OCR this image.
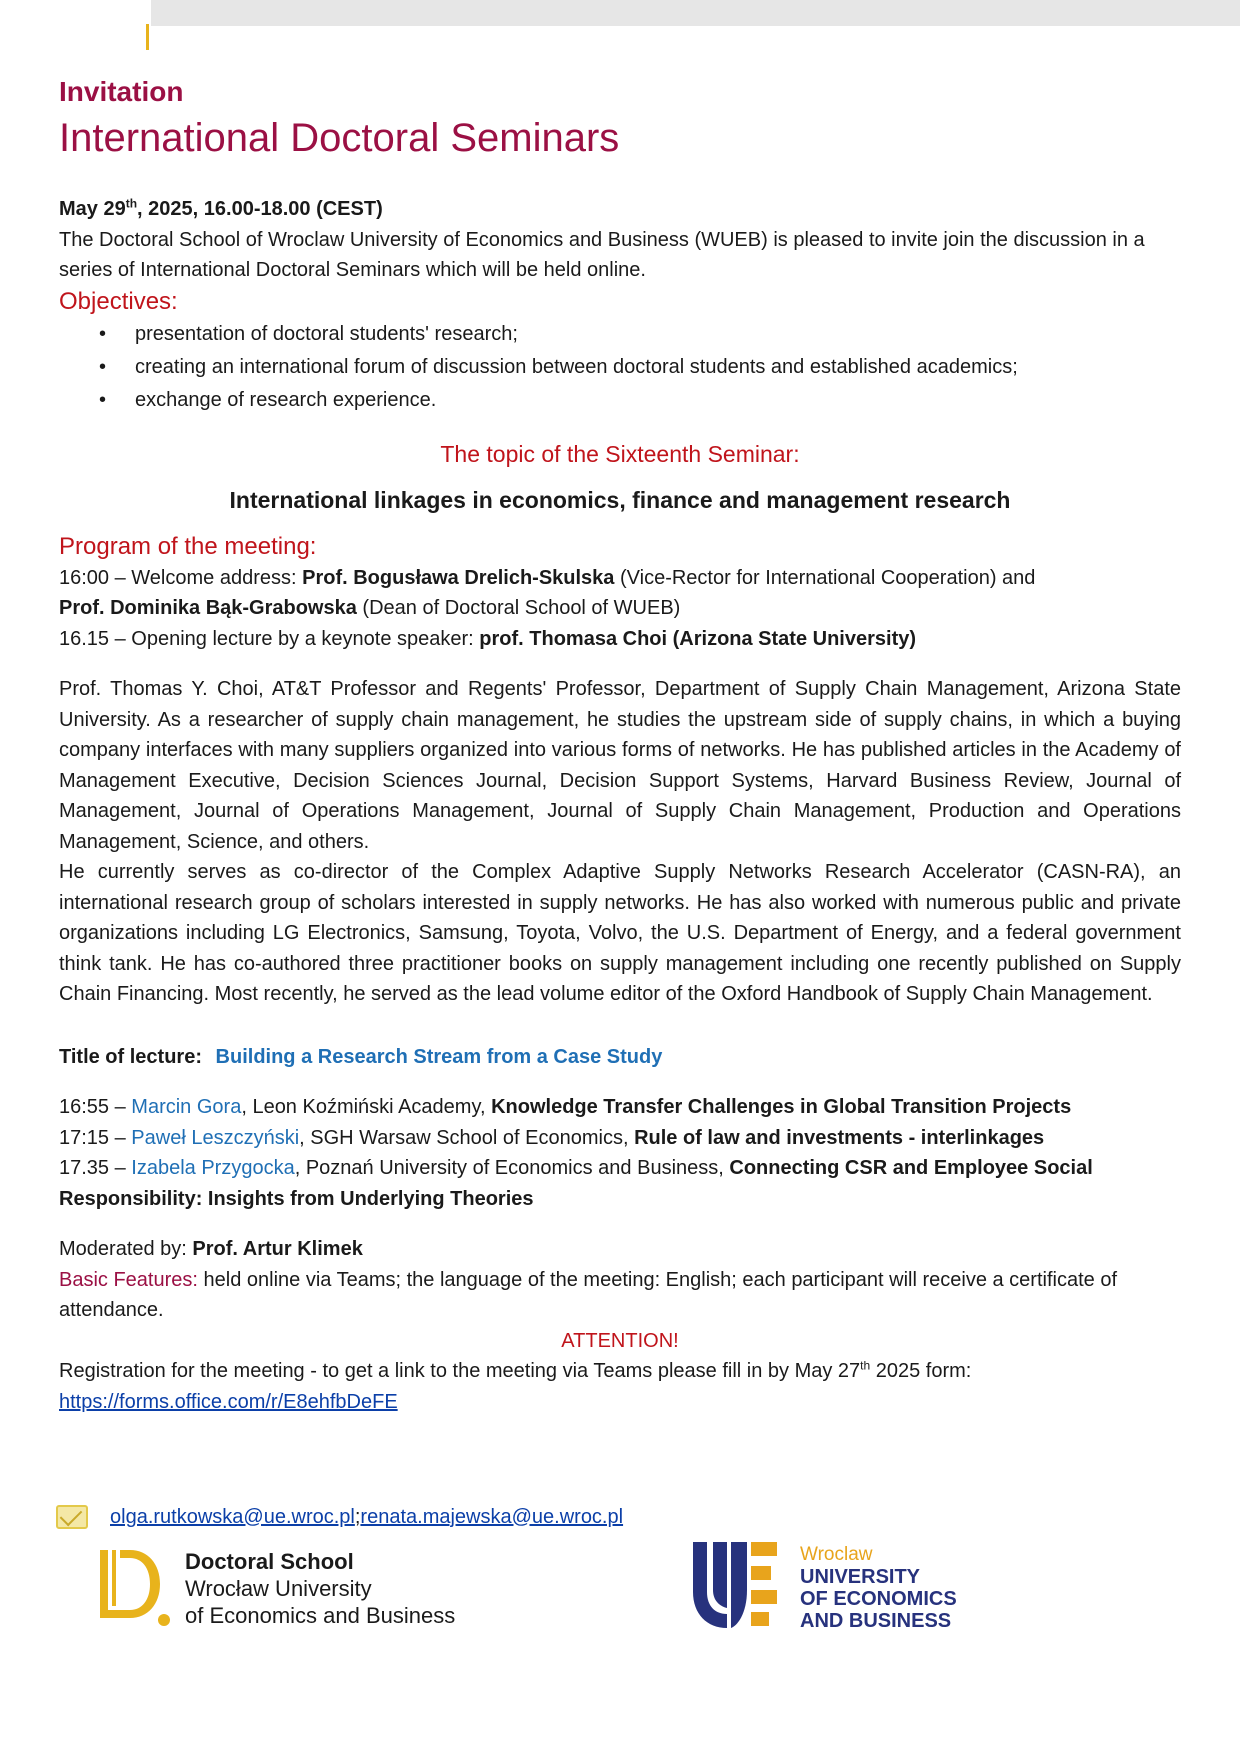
Invitation
International Doctoral Seminars

May 29th, 2025, 16.00-18.00 (CEST)

The Doctoral School of Wroclaw University of Economics and Business (WUEB) is pleased to invite join the discussion in a series of International Doctoral Seminars which will be held online.

Objectives:
• presentation of doctoral students' research;
• creating an international forum of discussion between doctoral students and established academics;
• exchange of research experience.
The topic of the Sixteenth Seminar:
International linkages in economics, finance and management research
Program of the meeting:

16:00 – Welcome address: Prof. Bogusława Drelich-Skulska (Vice-Rector for International Cooperation) and

Prof. Dominika Bąk-Grabowska (Dean of Doctoral School of WUEB)

16.15 – Opening lecture by a keynote speaker: prof. Thomasa Choi (Arizona State University)

Prof. Thomas Y. Choi, AT&T Professor and Regents' Professor, Department of Supply Chain Management, Arizona State University. As a researcher of supply chain management, he studies the upstream side of supply chains, in which a buying company interfaces with many suppliers organized into various forms of networks. He has published articles in the Academy of Management Executive, Decision Sciences Journal, Decision Support Systems, Harvard Business Review, Journal of Management, Journal of Operations Management, Journal of Supply Chain Management, Production and Operations Management, Science, and others.

He currently serves as co-director of the Complex Adaptive Supply Networks Research Accelerator (CASN-RA), an international research group of scholars interested in supply networks. He has also worked with numerous public and private organizations including LG Electronics, Samsung, Toyota, Volvo, the U.S. Department of Energy, and a federal government think tank. He has co-authored three practitioner books on supply management including one recently published on Supply Chain Financing. Most recently, he served as the lead volume editor of the Oxford Handbook of Supply Chain Management.

Title of lecture: Building a Research Stream from a Case Study

16:55 – Marcin Gora, Leon Koźmiński Academy, Knowledge Transfer Challenges in Global Transition Projects

17:15 – Paweł Leszczyński, SGH Warsaw School of Economics, Rule of law and investments - interlinkages

17.35 – Izabela Przygocka, Poznań University of Economics and Business, Connecting CSR and Employee Social Responsibility: Insights from Underlying Theories

Moderated by: Prof. Artur Klimek

Basic Features: held online via Teams; the language of the meeting: English; each participant will receive a certificate of attendance.

ATTENTION!

Registration for the meeting - to get a link to the meeting via Teams please fill in by May 27th 2025 form:

https://forms.office.com/r/E8ehfbDeFE

olga.rutkowska@ue.wroc.pl ; renata.majewska@ue.wroc.pl
Doctoral School
Wrocław University
of Economics and Business
Wroclaw
UNIVERSITY
OF ECONOMICS
AND BUSINESS
